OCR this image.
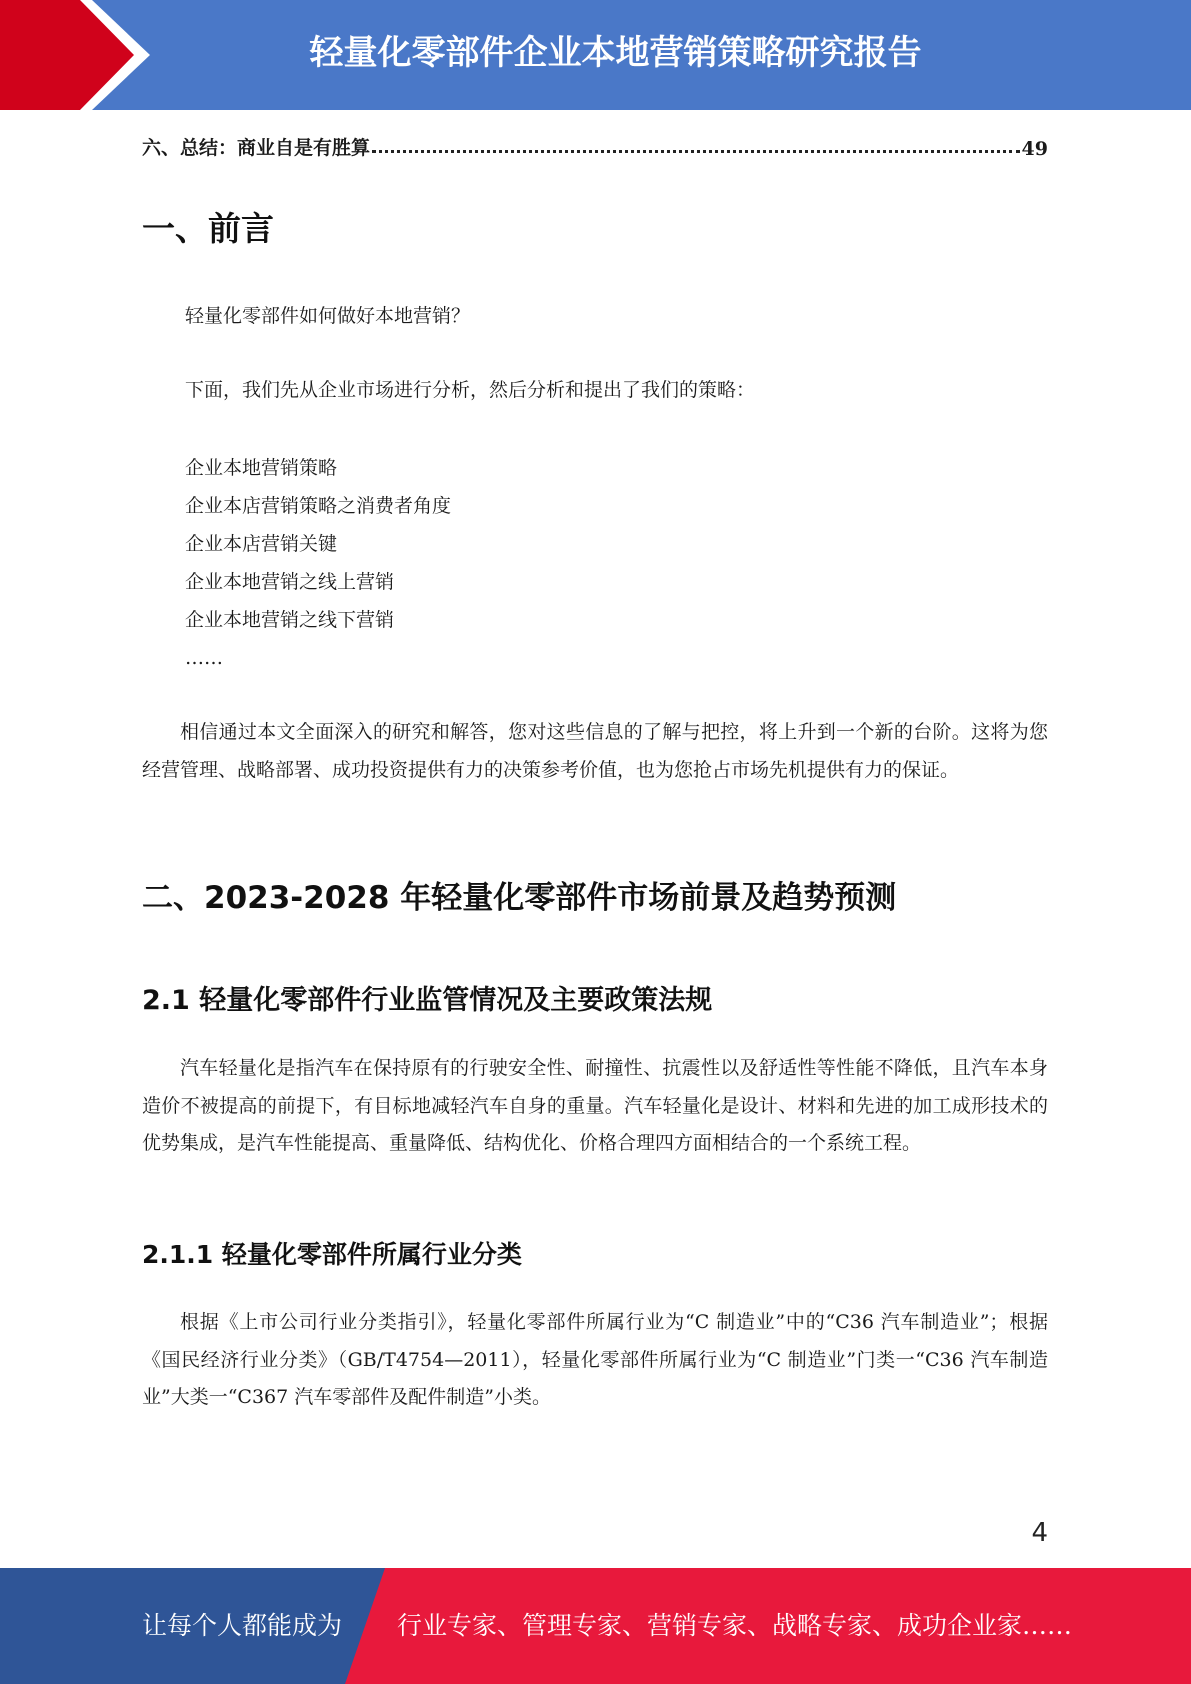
轻量化零部件企业本地营销策略研究报告
六、总结：商业自是有胜算	49
一、前言

轻量化零部件如何做好本地营销？

下面，我们先从企业市场进行分析，然后分析和提出了我们的策略：

企业本地营销策略
企业本店营销策略之消费者角度
企业本店营销关键
企业本地营销之线上营销
企业本地营销之线下营销
……

相信通过本文全面深入的研究和解答，您对这些信息的了解与把控，将上升到一个新的台阶。这将为您经营管理、战略部署、成功投资提供有力的决策参考价值，也为您抢占市场先机提供有力的保证。

二、2023-2028 年轻量化零部件市场前景及趋势预测
2.1 轻量化零部件行业监管情况及主要政策法规

汽车轻量化是指汽车在保持原有的行驶安全性、耐撞性、抗震性以及舒适性等性能不降低，且汽车本身造价不被提高的前提下，有目标地减轻汽车自身的重量。汽车轻量化是设计、材料和先进的加工成形技术的优势集成，是汽车性能提高、重量降低、结构优化、价格合理四方面相结合的一个系统工程。

2.1.1 轻量化零部件所属行业分类

根据《上市公司行业分类指引》，轻量化零部件所属行业为“C 制造业”中的“C36 汽车制造业”；根据《国民经济行业分类》（GB/T4754—2011），轻量化零部件所属行业为“C 制造业”门类一“C36 汽车制造业”大类一“C367 汽车零部件及配件制造”小类。

4
让每个人都能成为 行业专家、管理专家、营销专家、战略专家、成功企业家……
